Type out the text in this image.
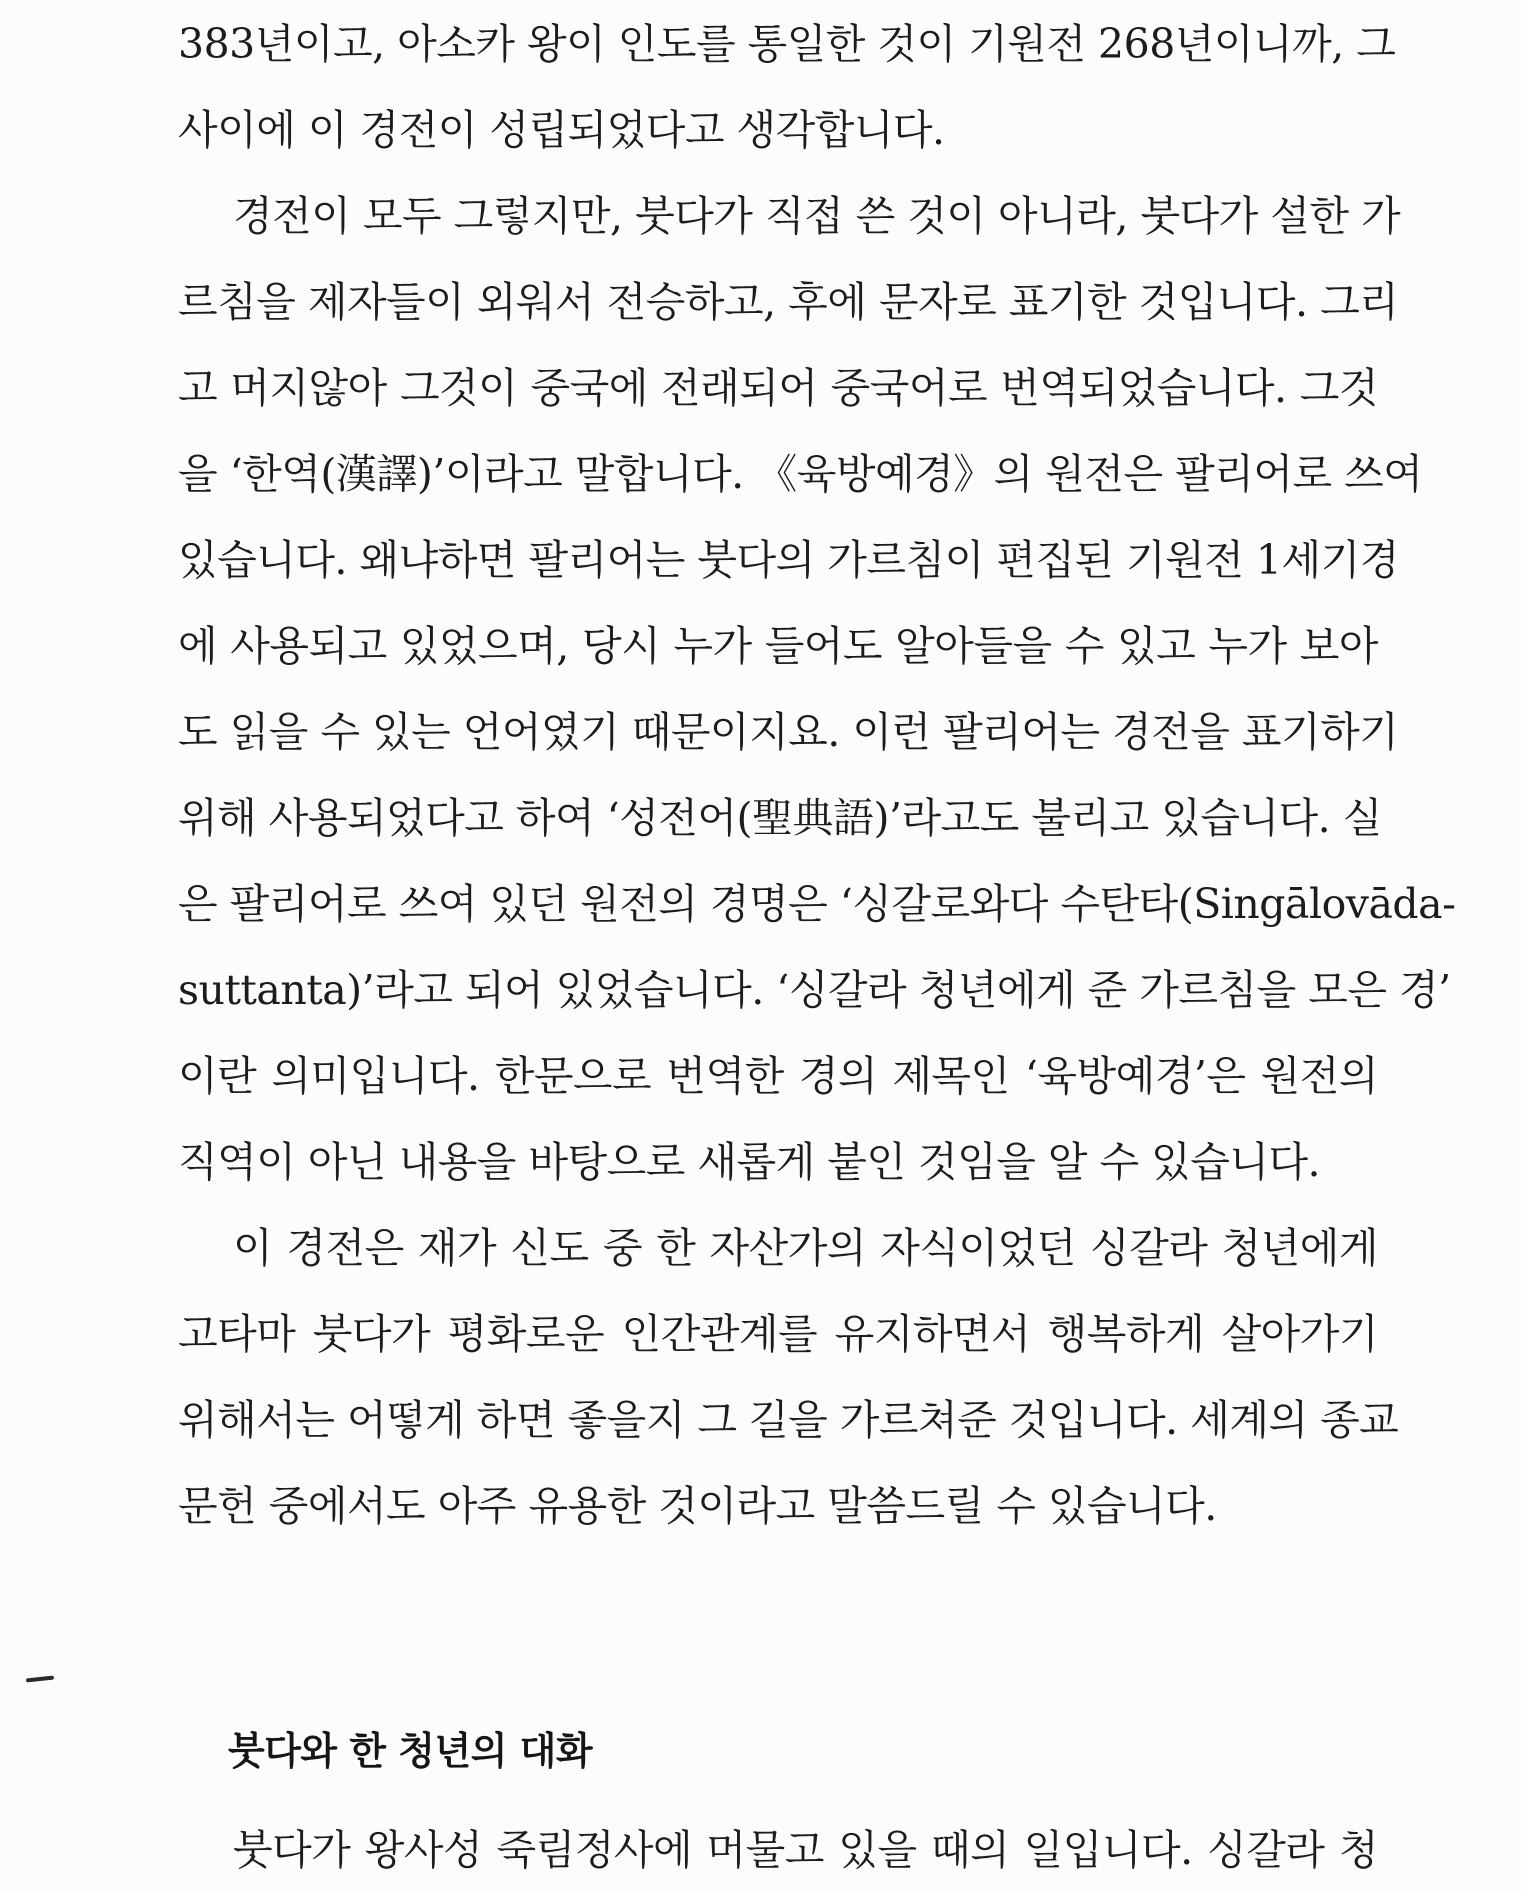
383년이고, 아소카 왕이 인도를 통일한 것이 기원전 268년이니까, 그
사이에 이 경전이 성립되었다고 생각합니다.
경전이 모두 그렇지만, 붓다가 직접 쓴 것이 아니라, 붓다가 설한 가
르침을 제자들이 외워서 전승하고, 후에 문자로 표기한 것입니다. 그리
고 머지않아 그것이 중국에 전래되어 중국어로 번역되었습니다. 그것
을 ‘한역(漢譯)’이라고 말합니다. 《육방예경》의 원전은 팔리어로 쓰여
있습니다. 왜냐하면 팔리어는 붓다의 가르침이 편집된 기원전 1세기경
에 사용되고 있었으며, 당시 누가 들어도 알아들을 수 있고 누가 보아
도 읽을 수 있는 언어였기 때문이지요. 이런 팔리어는 경전을 표기하기
위해 사용되었다고 하여 ‘성전어(聖典語)’라고도 불리고 있습니다. 실
은 팔리어로 쓰여 있던 원전의 경명은 ‘싱갈로와다 수탄타(Singālovāda-
suttanta)’라고 되어 있었습니다. ‘싱갈라 청년에게 준 가르침을 모은 경’
이란 의미입니다. 한문으로 번역한 경의 제목인 ‘육방예경’은 원전의
직역이 아닌 내용을 바탕으로 새롭게 붙인 것임을 알 수 있습니다.
이 경전은 재가 신도 중 한 자산가의 자식이었던 싱갈라 청년에게
고타마 붓다가 평화로운 인간관계를 유지하면서 행복하게 살아가기
위해서는 어떻게 하면 좋을지 그 길을 가르쳐준 것입니다. 세계의 종교
문헌 중에서도 아주 유용한 것이라고 말씀드릴 수 있습니다.
붓다와 한 청년의 대화
붓다가 왕사성 죽림정사에 머물고 있을 때의 일입니다. 싱갈라 청
